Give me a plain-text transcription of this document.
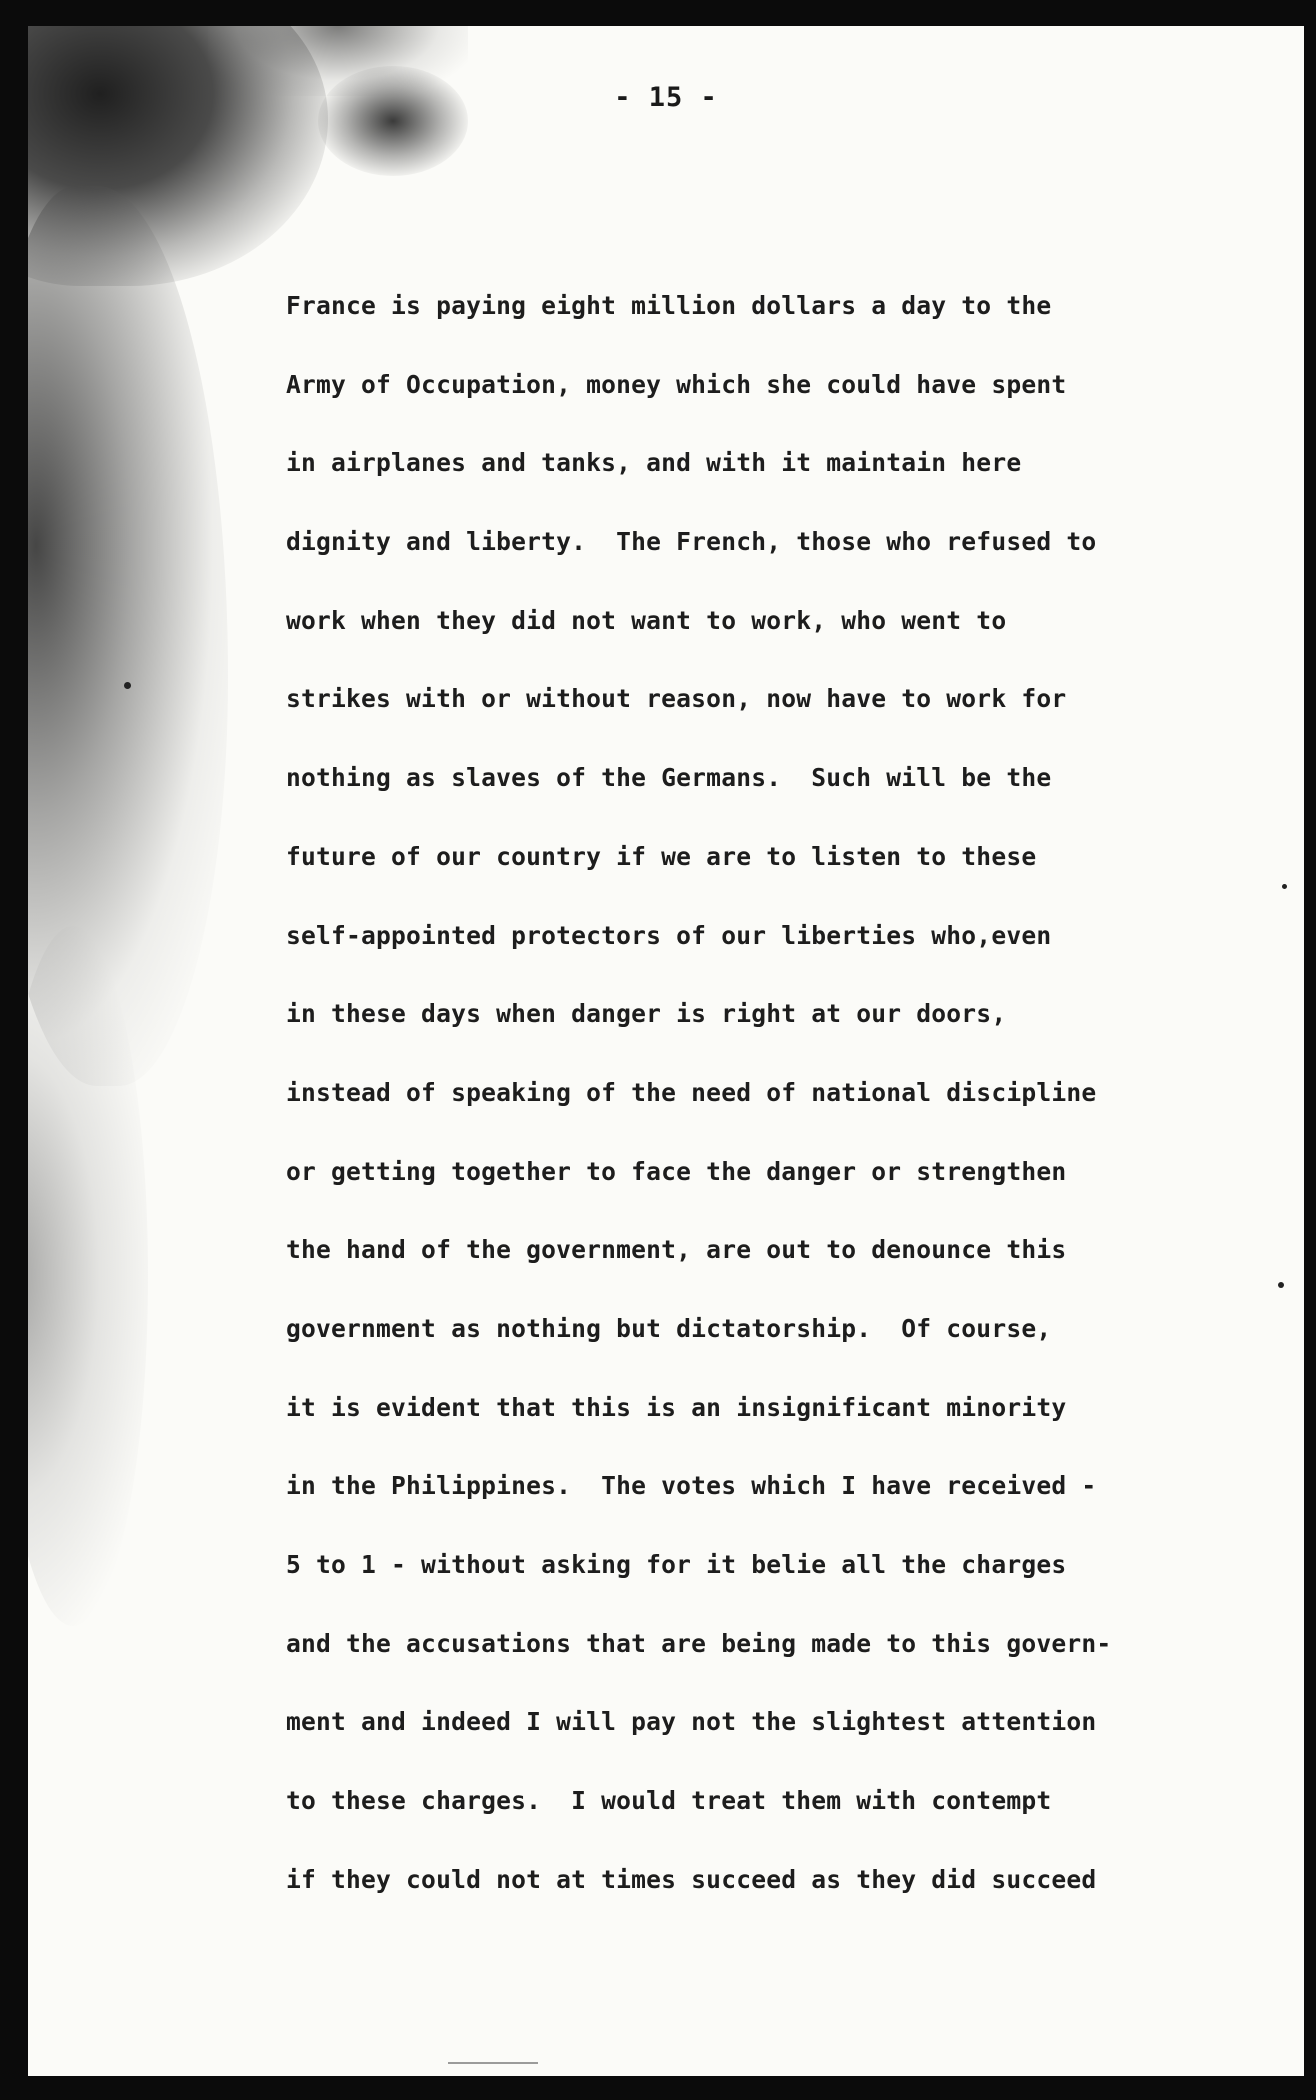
- 15 -
France is paying eight million dollars a day to the
Army of Occupation, money which she could have spent
in airplanes and tanks, and with it maintain here
dignity and liberty.  The French, those who refused to
work when they did not want to work, who went to
strikes with or without reason, now have to work for
nothing as slaves of the Germans.  Such will be the
future of our country if we are to listen to these
self-appointed protectors of our liberties who,even
in these days when danger is right at our doors,
instead of speaking of the need of national discipline
or getting together to face the danger or strengthen
the hand of the government, are out to denounce this
government as nothing but dictatorship.  Of course,
it is evident that this is an insignificant minority
in the Philippines.  The votes which I have received -
5 to 1 - without asking for it belie all the charges
and the accusations that are being made to this govern-
ment and indeed I will pay not the slightest attention
to these charges.  I would treat them with contempt
if they could not at times succeed as they did succeed
